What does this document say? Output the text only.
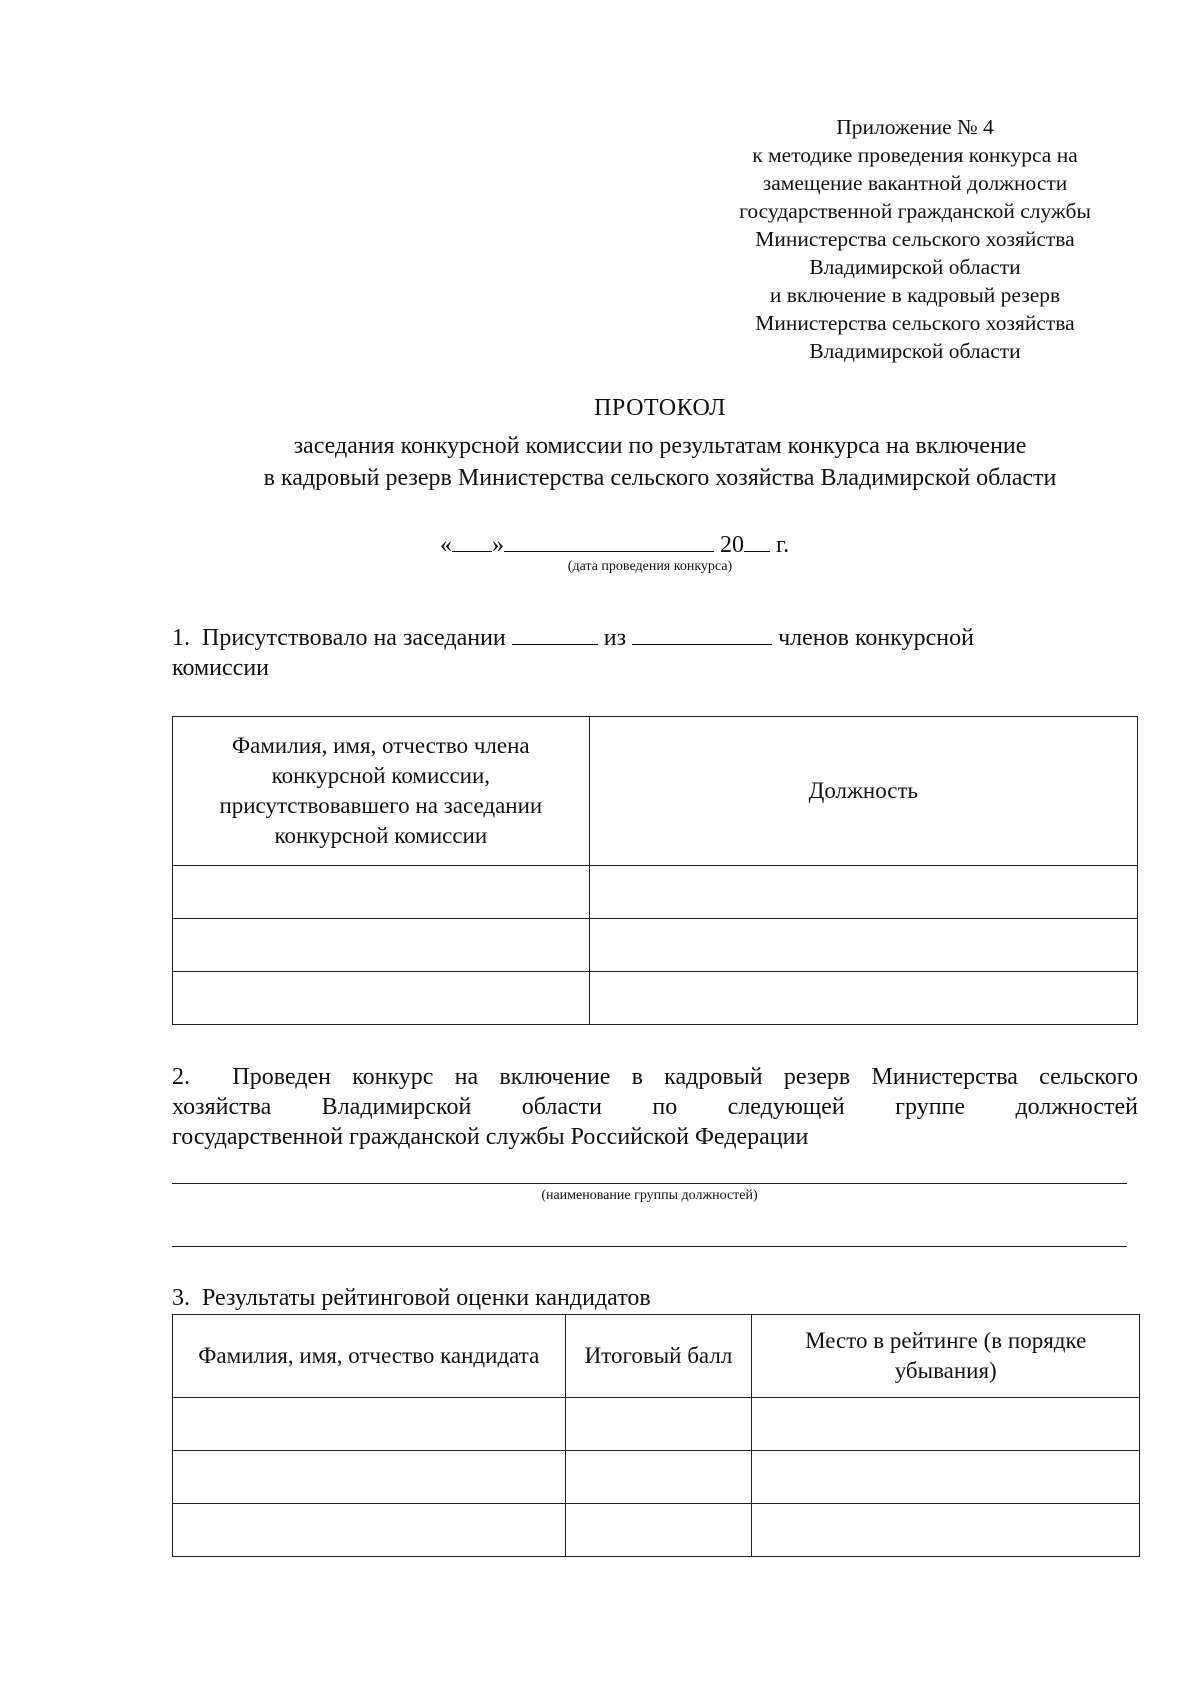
Приложение № 4
к методике проведения конкурса на
замещение вакантной должности
государственной гражданской службы
Министерства сельского хозяйства
Владимирской области
и включение в кадровый резерв
Министерства сельского хозяйства
Владимирской области
ПРОТОКОЛ
заседания конкурсной комиссии по результатам конкурса на включение
в кадровый резерв Министерства сельского хозяйства Владимирской области
« »	20 г.
(дата проведения конкурса)
1. Присутствовало на заседании	из	членов конкурсной
комиссии
Фамилия, имя, отчество члена конкурсной комиссии, присутствовавшего на заседании конкурсной комиссии	Должность

2. Проведен конкурс на включение в кадровый резерв Министерства сельского
хозяйства Владимирской области по следующей группе должностей
государственной гражданской службы Российской Федерации
(наименование группы должностей)
3. Результаты рейтинговой оценки кандидатов
Фамилия, имя, отчество кандидата	Итоговый балл	Место в рейтинге (в порядке убывания)
